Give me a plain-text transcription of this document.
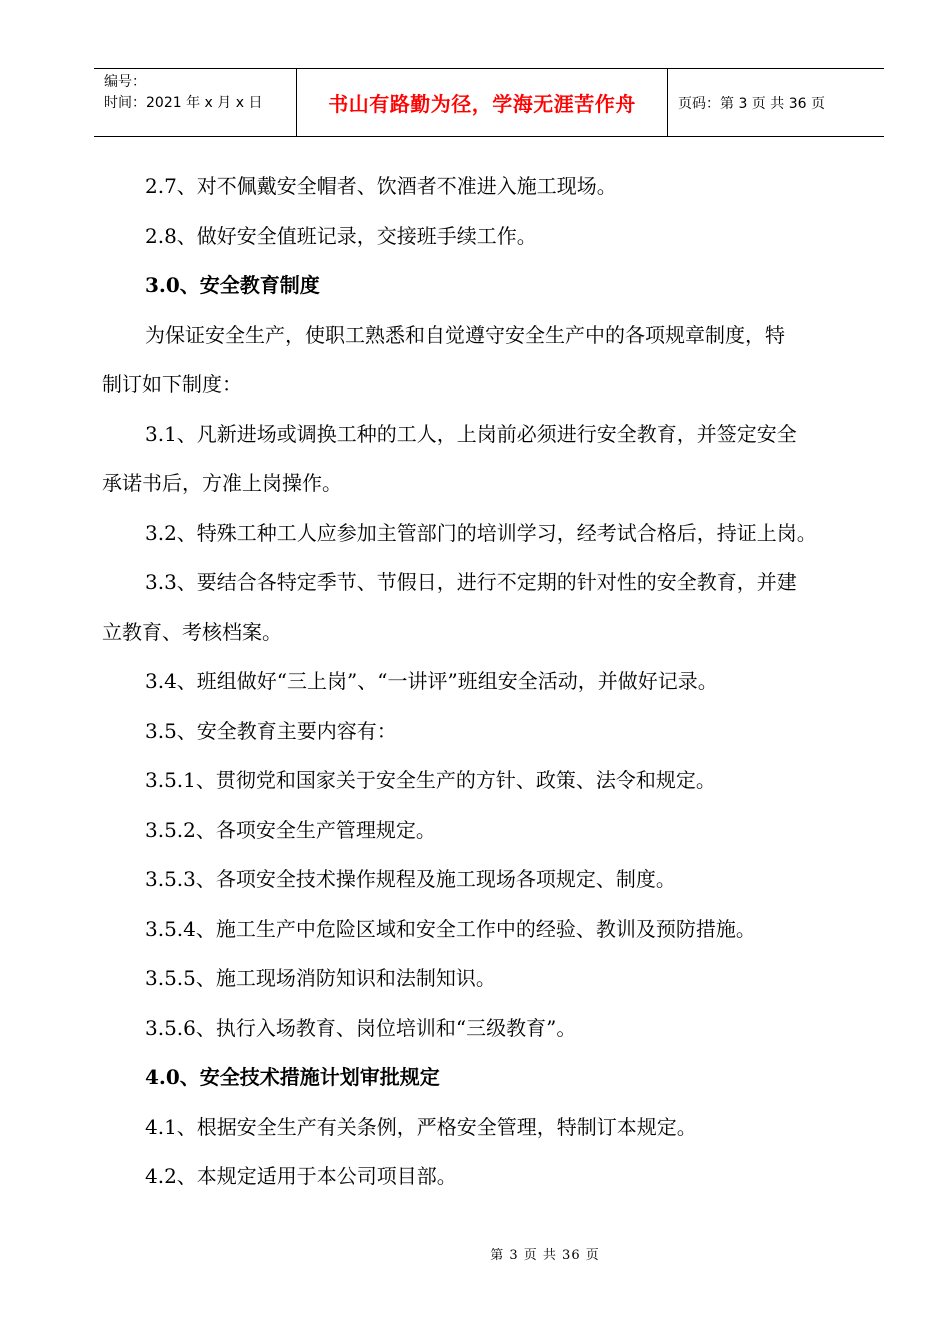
编号：
时间：2021 年 x 月 x 日	书山有路勤为径，学海无涯苦作舟	页码：第 3 页 共 36 页

2.7、对不佩戴安全帽者、饮酒者不准进入施工现场。

2.8、做好安全值班记录，交接班手续工作。

3.0、安全教育制度

为保证安全生产，使职工熟悉和自觉遵守安全生产中的各项规章制度，特

制订如下制度：

3.1、凡新进场或调换工种的工人，上岗前必须进行安全教育，并签定安全

承诺书后，方准上岗操作。

3.2、特殊工种工人应参加主管部门的培训学习，经考试合格后，持证上岗。

3.3、要结合各特定季节、节假日，进行不定期的针对性的安全教育，并建

立教育、考核档案。

3.4、班组做好“三上岗”、“一讲评”班组安全活动，并做好记录。

3.5、安全教育主要内容有：

3.5.1、贯彻党和国家关于安全生产的方针、政策、法令和规定。

3.5.2、各项安全生产管理规定。

3.5.3、各项安全技术操作规程及施工现场各项规定、制度。

3.5.4、施工生产中危险区域和安全工作中的经验、教训及预防措施。

3.5.5、施工现场消防知识和法制知识。

3.5.6、执行入场教育、岗位培训和“三级教育”。

4.0、安全技术措施计划审批规定

4.1、根据安全生产有关条例，严格安全管理，特制订本规定。

4.2、本规定适用于本公司项目部。

第 3 页 共 36 页
